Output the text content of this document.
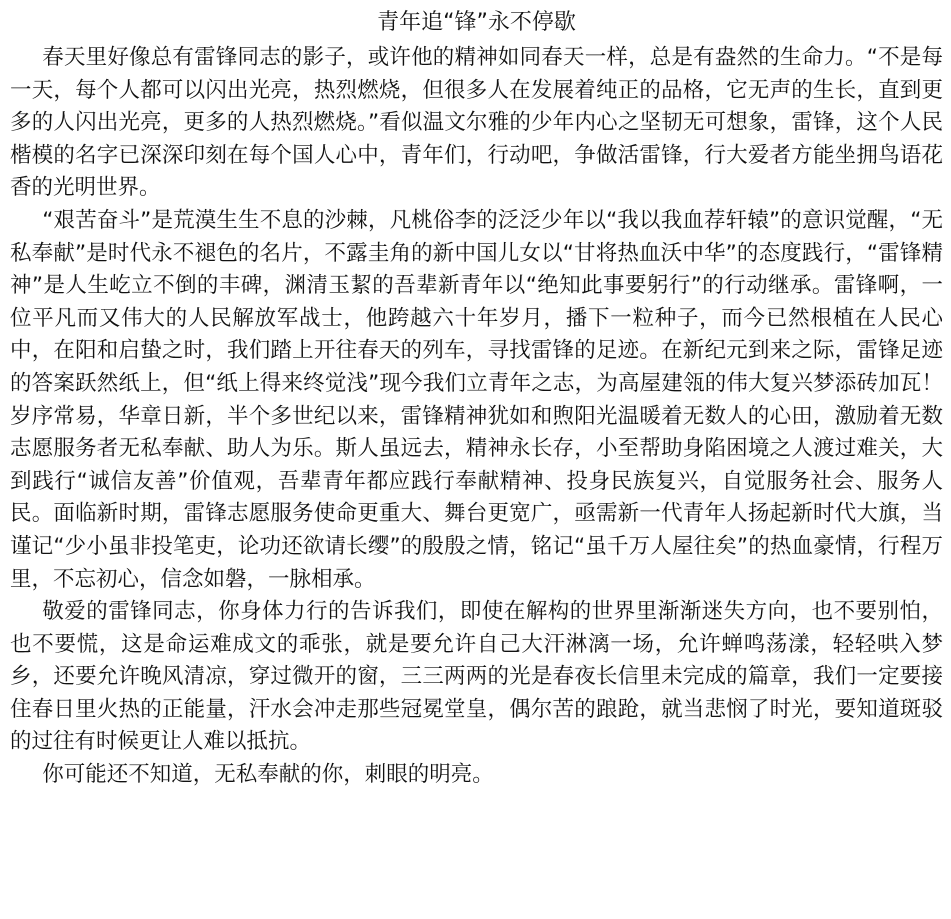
青年追“锋”永不停歇

春天里好像总有雷锋同志的影子，或许他的精神如同春天一样，总是有盎然的生命力。“不是每一天，每个人都可以闪出光亮，热烈燃烧，但很多人在发展着纯正的品格，它无声的生长，直到更多的人闪出光亮，更多的人热烈燃烧。”看似温文尔雅的少年内心之坚韧无可想象，雷锋，这个人民楷模的名字已深深印刻在每个国人心中，青年们，行动吧，争做活雷锋，行大爱者方能坐拥鸟语花香的光明世界。

“艰苦奋斗”是荒漠生生不息的沙棘，凡桃俗李的泛泛少年以“我以我血荐轩辕”的意识觉醒，“无私奉献”是时代永不褪色的名片，不露圭角的新中国儿女以“甘将热血沃中华”的态度践行，“雷锋精神”是人生屹立不倒的丰碑，渊清玉絜的吾辈新青年以“绝知此事要躬行”的行动继承。雷锋啊，一位平凡而又伟大的人民解放军战士，他跨越六十年岁月，播下一粒种子，而今已然根植在人民心中，在阳和启蛰之时，我们踏上开往春天的列车，寻找雷锋的足迹。在新纪元到来之际，雷锋足迹的答案跃然纸上，但“纸上得来终觉浅”现今我们立青年之志，为高屋建瓴的伟大复兴梦添砖加瓦！岁序常易，华章日新，半个多世纪以来，雷锋精神犹如和煦阳光温暖着无数人的心田，激励着无数志愿服务者无私奉献、助人为乐。斯人虽远去，精神永长存，小至帮助身陷困境之人渡过难关，大到践行“诚信友善”价值观，吾辈青年都应践行奉献精神、投身民族复兴，自觉服务社会、服务人民。面临新时期，雷锋志愿服务使命更重大、舞台更宽广，亟需新一代青年人扬起新时代大旗，当谨记“少小虽非投笔吏，论功还欲请长缨”的殷殷之情，铭记“虽千万人屋往矣”的热血豪情，行程万里，不忘初心，信念如磐，一脉相承。

敬爱的雷锋同志，你身体力行的告诉我们，即使在解构的世界里渐渐迷失方向，也不要别怕，也不要慌，这是命运难成文的乖张，就是要允许自己大汗淋漓一场，允许蝉鸣荡漾，轻轻哄入梦乡，还要允许晚风清凉，穿过微开的窗，三三两两的光是春夜长信里未完成的篇章，我们一定要接住春日里火热的正能量，汗水会冲走那些冠冕堂皇，偶尔苦的踉跄，就当悲悯了时光，要知道斑驳的过往有时候更让人难以抵抗。

你可能还不知道，无私奉献的你，刺眼的明亮。
